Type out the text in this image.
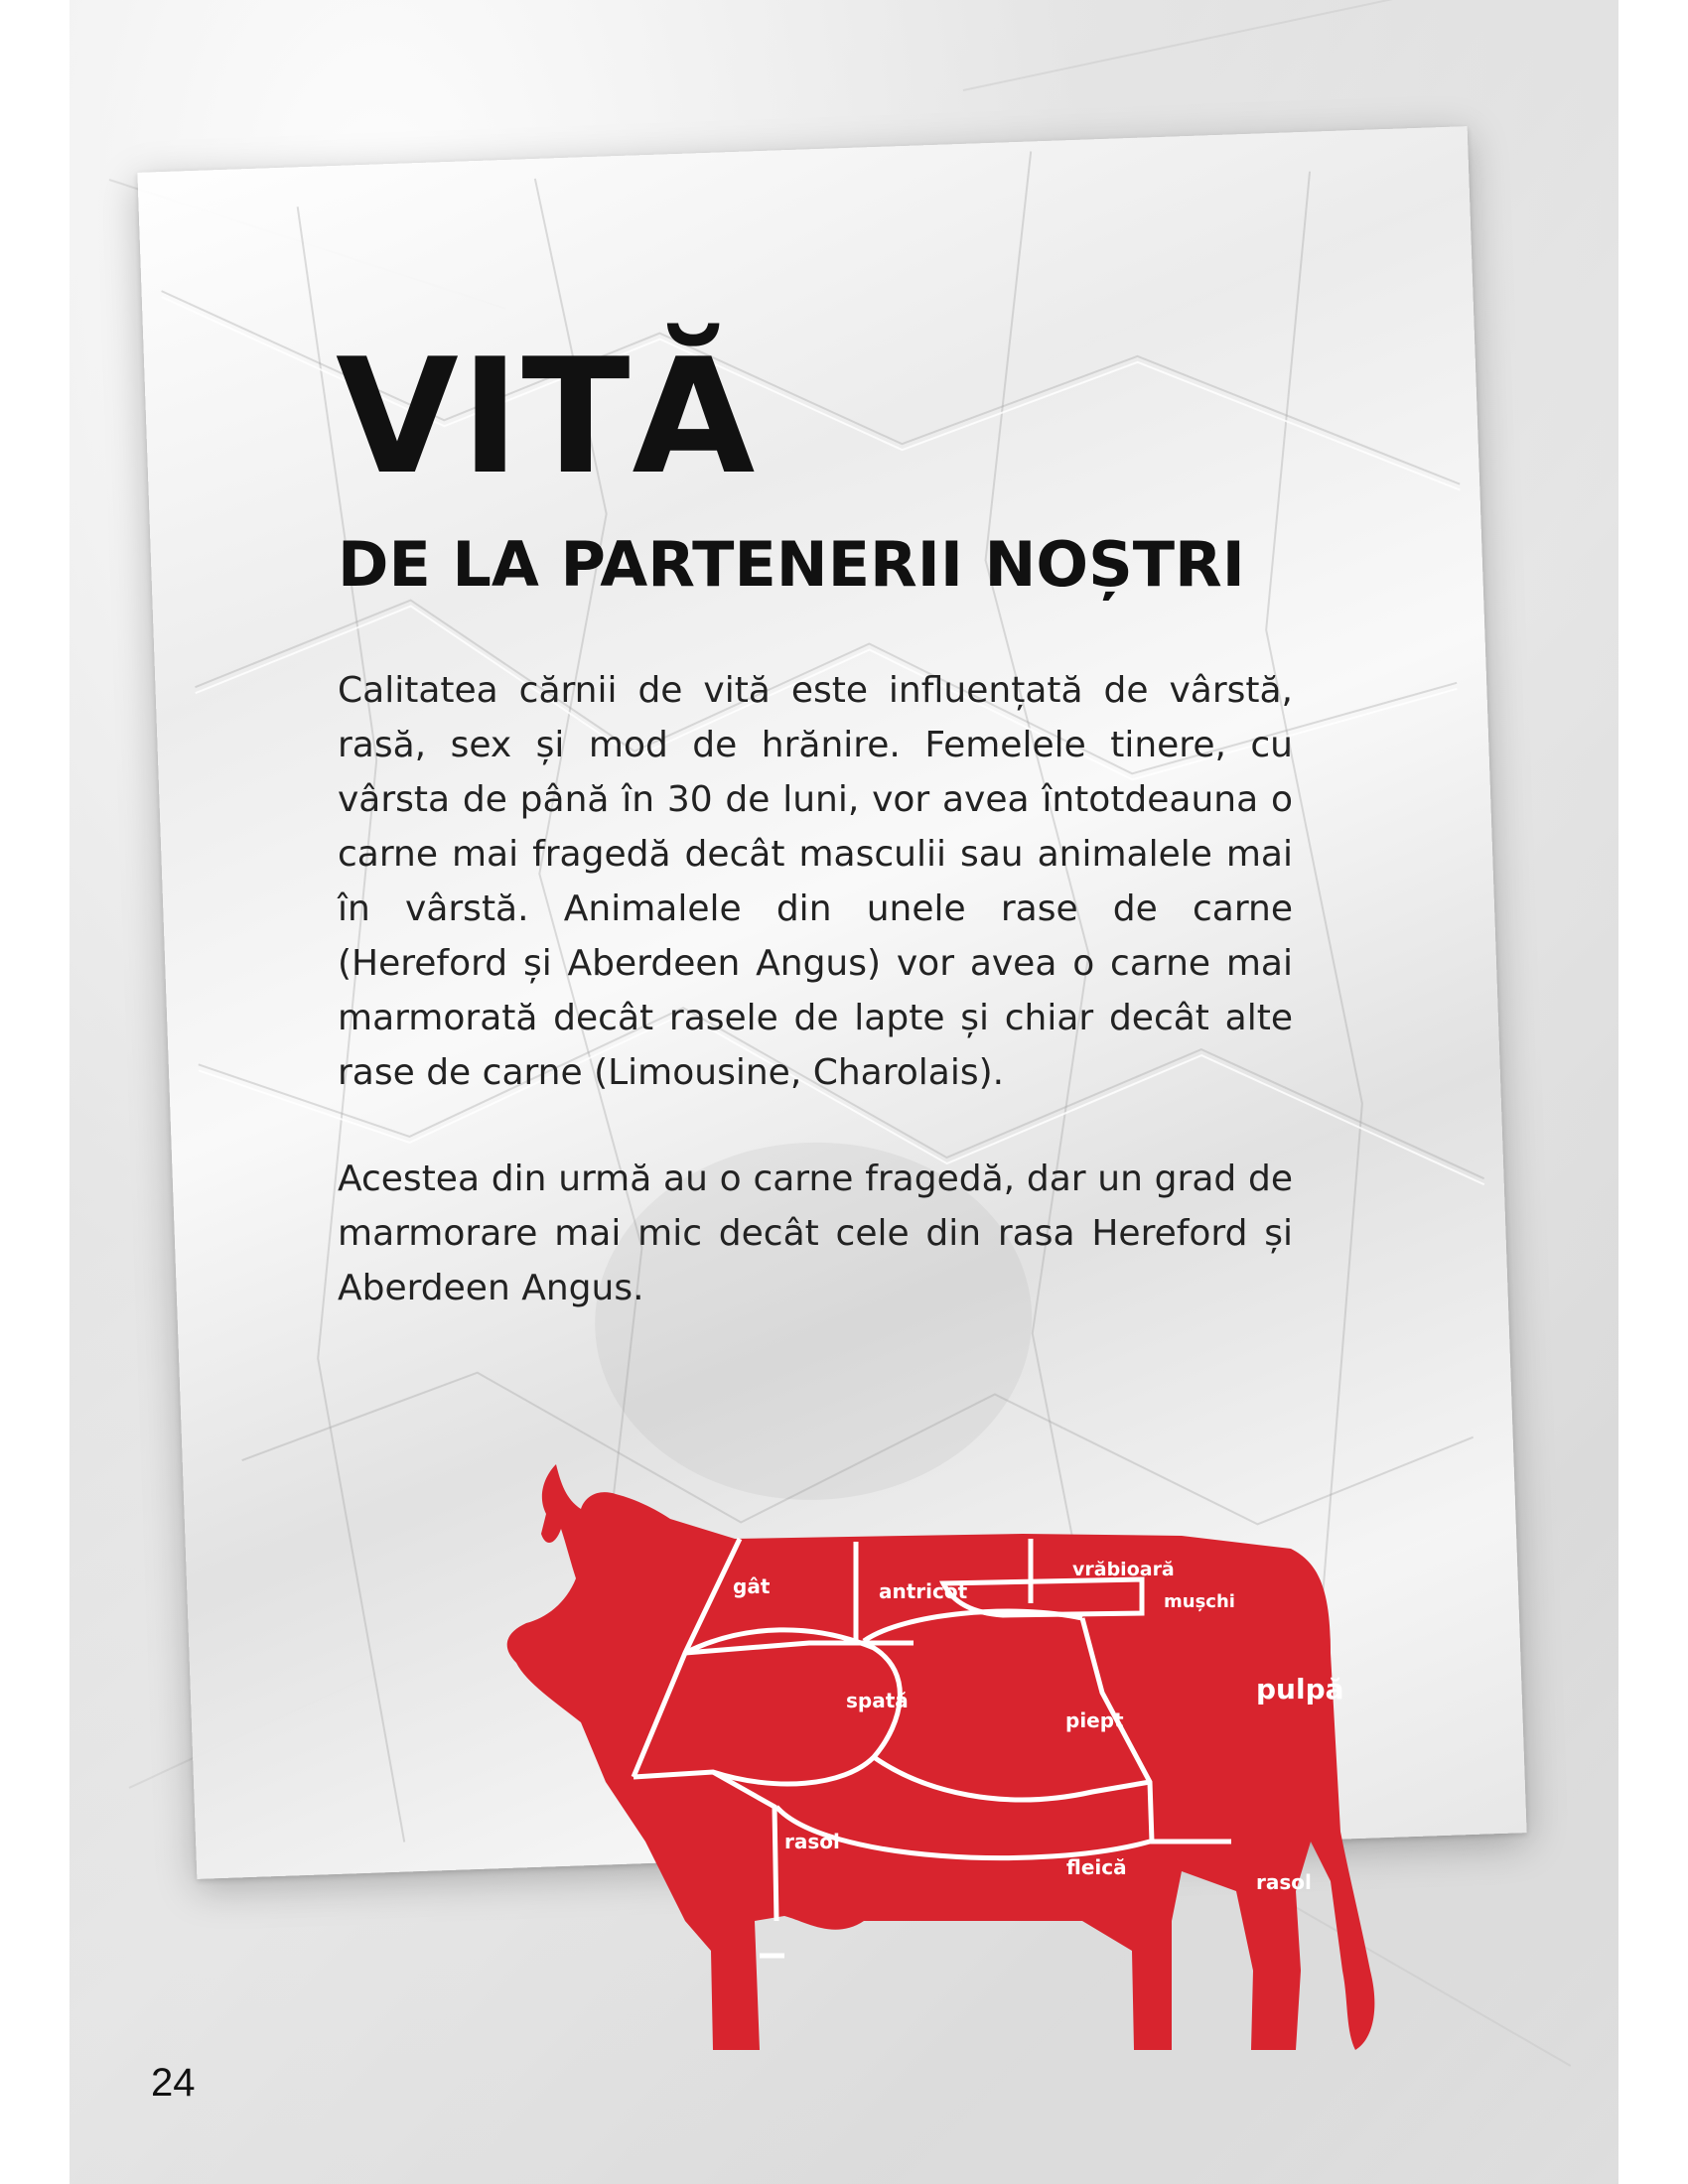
VITĂ
DE LA PARTENERII NOȘTRI

Calitatea cărnii de vită este influențată de vârstă, rasă, sex și mod de hrănire. Femelele tinere, cu vârsta de până în 30 de luni, vor avea întotdeauna o carne mai fragedă decât masculii sau animalele mai în vârstă. Animalele din unele rase de carne (Hereford și Aberdeen Angus) vor avea o carne mai marmorată decât rasele de lapte și chiar decât alte rase de carne (Limousine, Charolais).

Acestea din urmă au o carne fragedă, dar un grad de marmorare mai mic decât cele din rasa Hereford și Aberdeen Angus.

gât	antricot
vrăbioară
mușchi
spată
piept
pulpă
rasol
fleică
rasol
24
